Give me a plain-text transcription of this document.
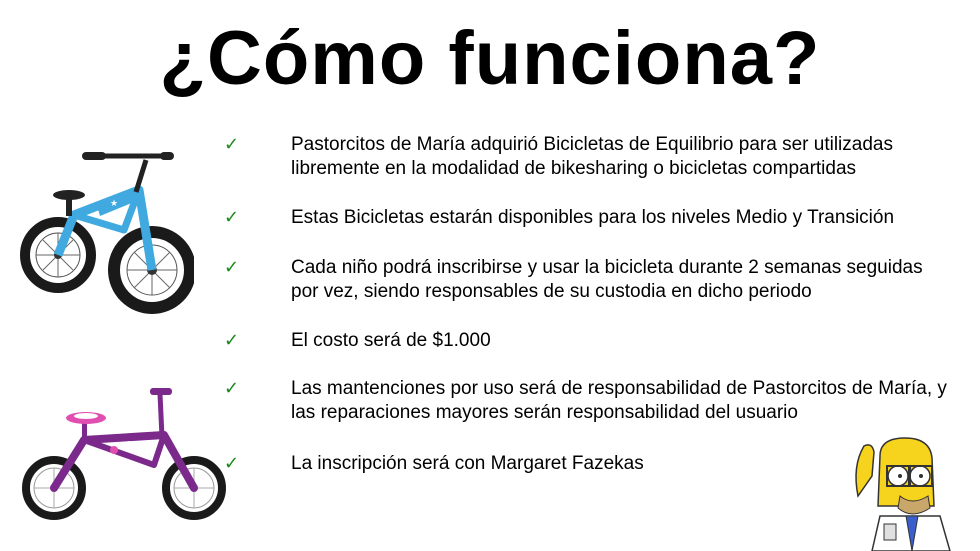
¿Cómo funciona?
★
✓	Pastorcitos de María adquirió Bicicletas de Equilibrio para ser utilizadas libremente en la modalidad de bikesharing o bicicletas compartidas
✓	Estas Bicicletas estarán disponibles para los niveles Medio y Transición
✓	Cada niño podrá inscribirse y usar la bicicleta durante 2 semanas seguidas por vez, siendo responsables de su custodia en dicho periodo
✓	El costo será de $1.000
✓	Las mantenciones por uso será de responsabilidad de Pastorcitos de María, y las reparaciones mayores serán responsabilidad del usuario
✓	La inscripción será con Margaret Fazekas
